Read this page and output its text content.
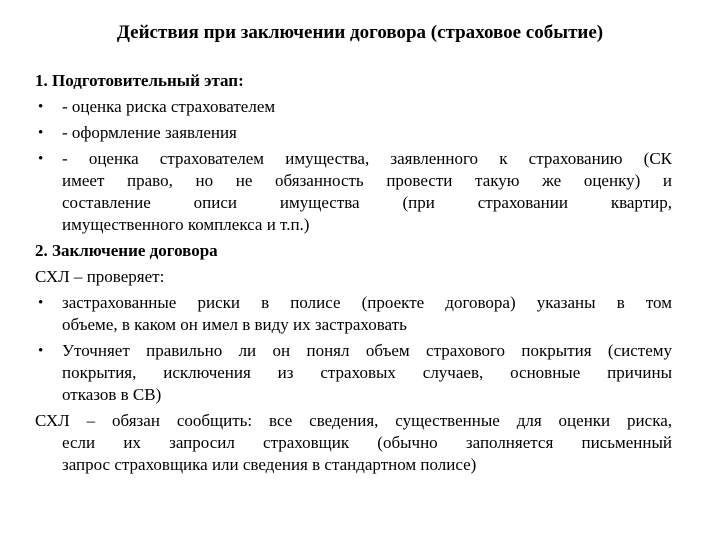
Действия при заключении договора (страховое событие)
1. Подготовительный этап:
•	- оценка риска страхователем
•	- оформление заявления
•	- оценка страхователем имущества, заявленного к страхованию (СК
имеет право, но не обязанность провести такую же оценку) и
составление описи имущества (при страховании квартир,
имущественного комплекса и т.п.)
2. Заключение договора
СХЛ – проверяет:
•	застрахованные риски в полисе (проекте договора) указаны в том
объеме, в каком он имел в виду их застраховать
•	Уточняет правильно ли он понял объем страхового покрытия (систему
покрытия, исключения из страховых случаев, основные причины
отказов в СВ)
СХЛ – обязан сообщить: все сведения, существенные для оценки риска,
если их запросил страховщик (обычно заполняется письменный
запрос страховщика или сведения в стандартном полисе)
